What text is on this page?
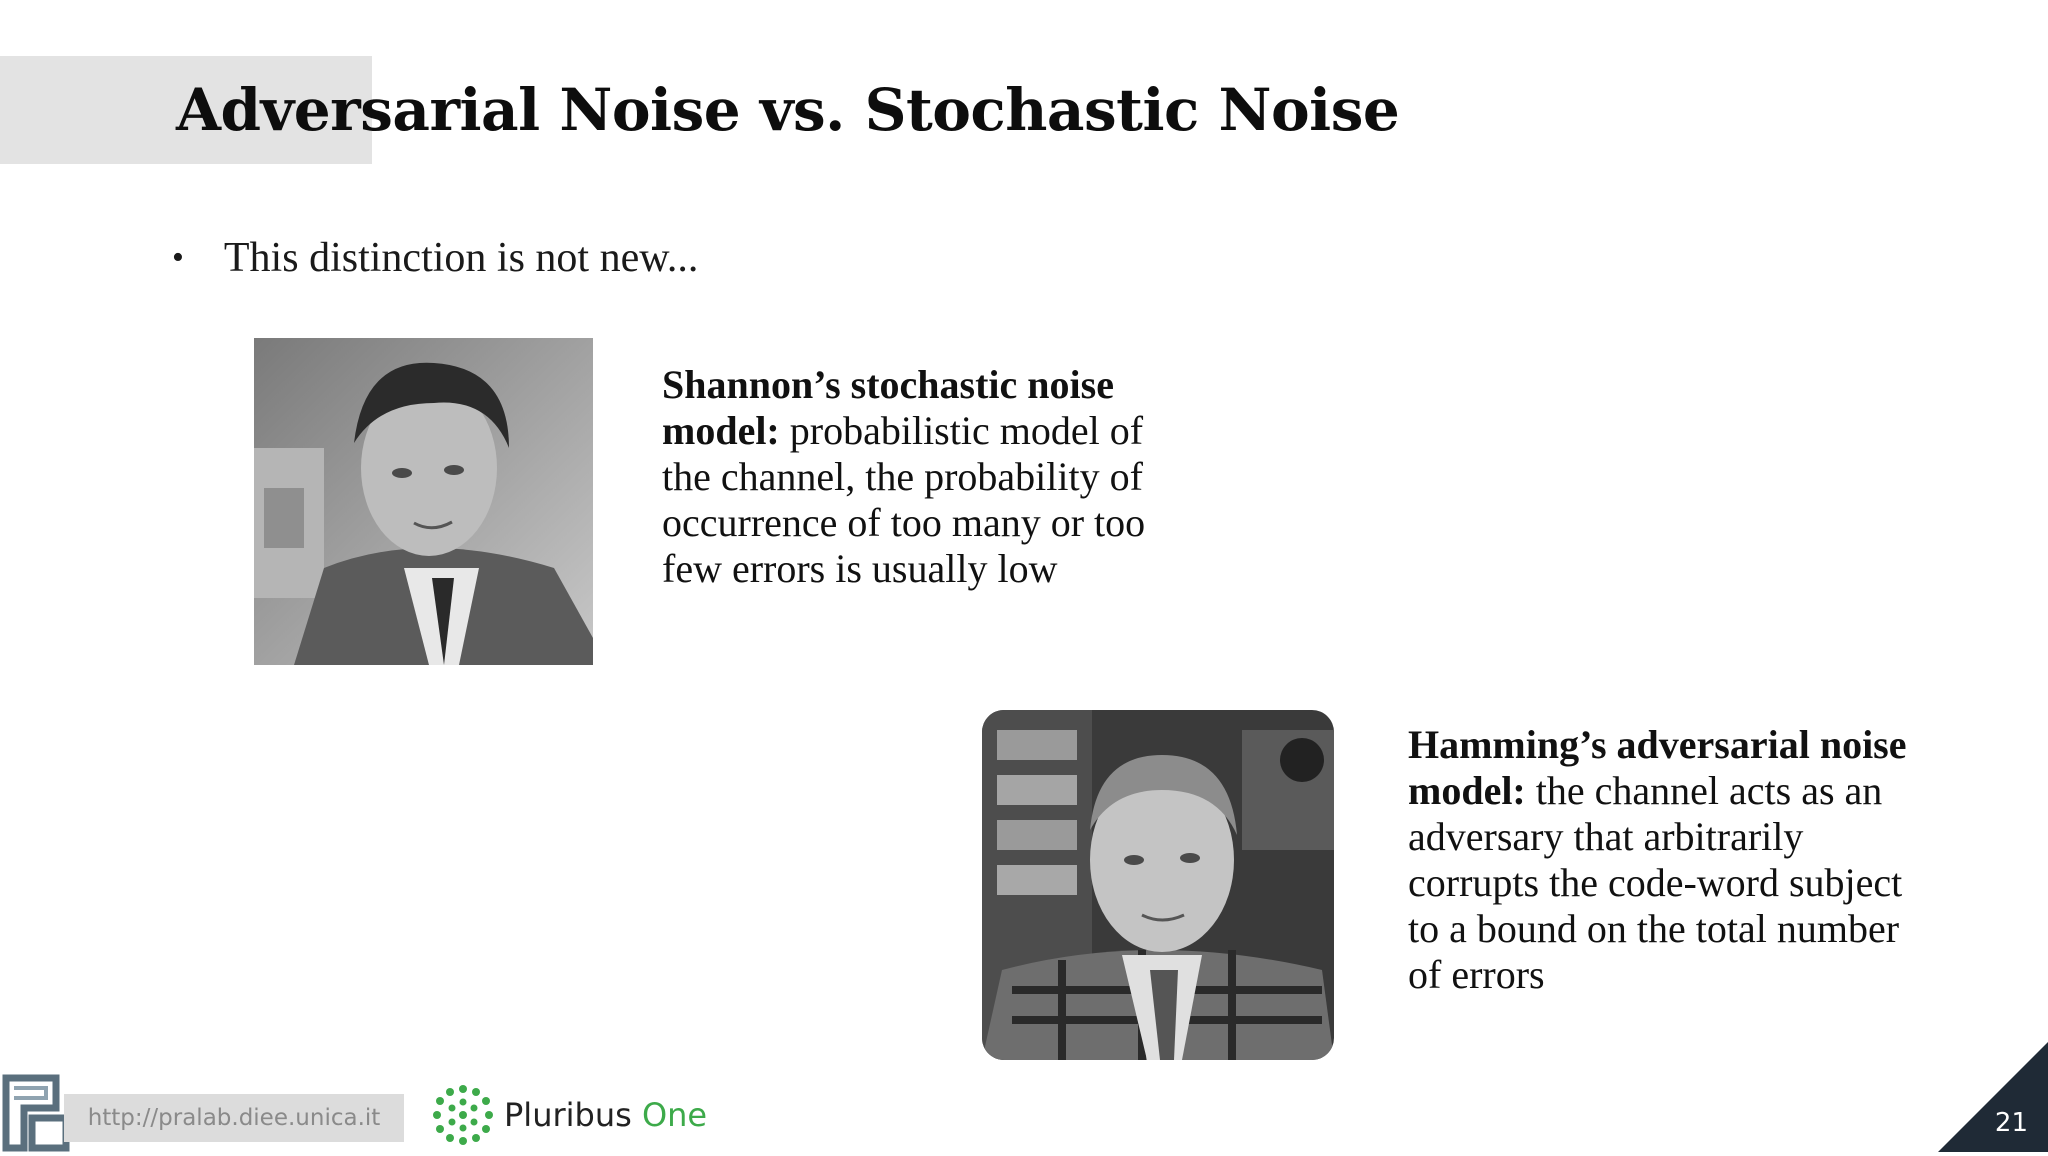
Adversarial Noise vs. Stochastic Noise
• This distinction is not new...
Shannon’s stochastic noise model: probabilistic model of the channel, the probability of occurrence of too many or too few errors is usually low
Hamming’s adversarial noise model: the channel acts as an adversary that arbitrarily corrupts the code-word subject to a bound on the total number of errors
http://pralab.diee.unica.it	Pluribus One	21
